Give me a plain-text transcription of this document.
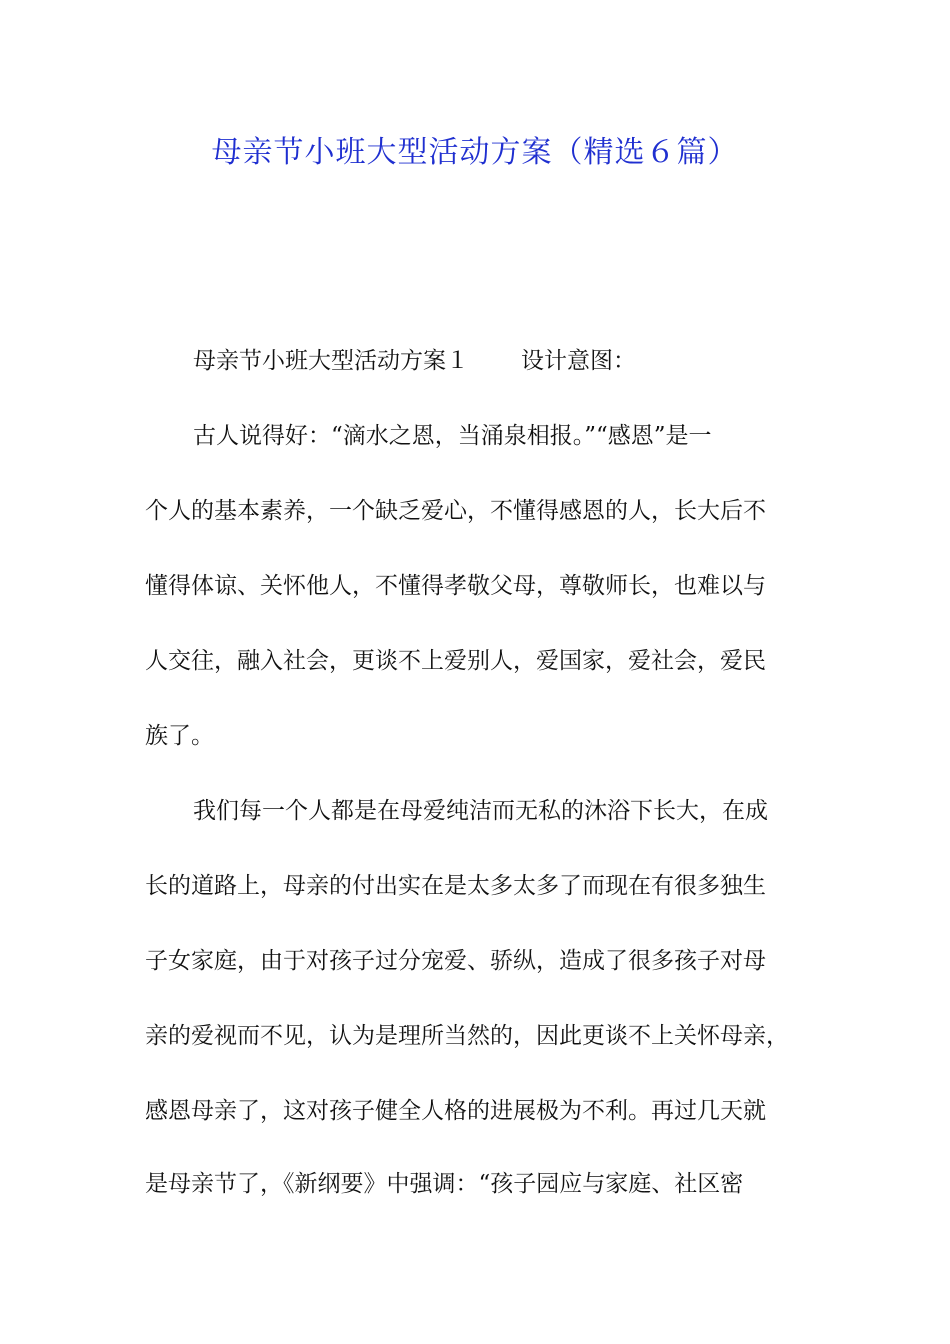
母亲节小班大型活动方案（精选６篇）
母亲节小班大型活动方案１ 设计意图：
古人说得好：“滴水之恩，当涌泉相报。”“感恩”是一
个人的基本素养，一个缺乏爱心，不懂得感恩的人，长大后不
懂得体谅、关怀他人，不懂得孝敬父母，尊敬师长，也难以与
人交往，融入社会，更谈不上爱别人，爱国家，爱社会，爱民
族了。
我们每一个人都是在母爱纯洁而无私的沐浴下长大，在成
长的道路上，母亲的付出实在是太多太多了而现在有很多独生
子女家庭，由于对孩子过分宠爱、骄纵，造成了很多孩子对母
亲的爱视而不见，认为是理所当然的，因此更谈不上关怀母亲，
感恩母亲了，这对孩子健全人格的进展极为不利。再过几天就
是母亲节了，《新纲要》中强调：“孩子园应与家庭、社区密
